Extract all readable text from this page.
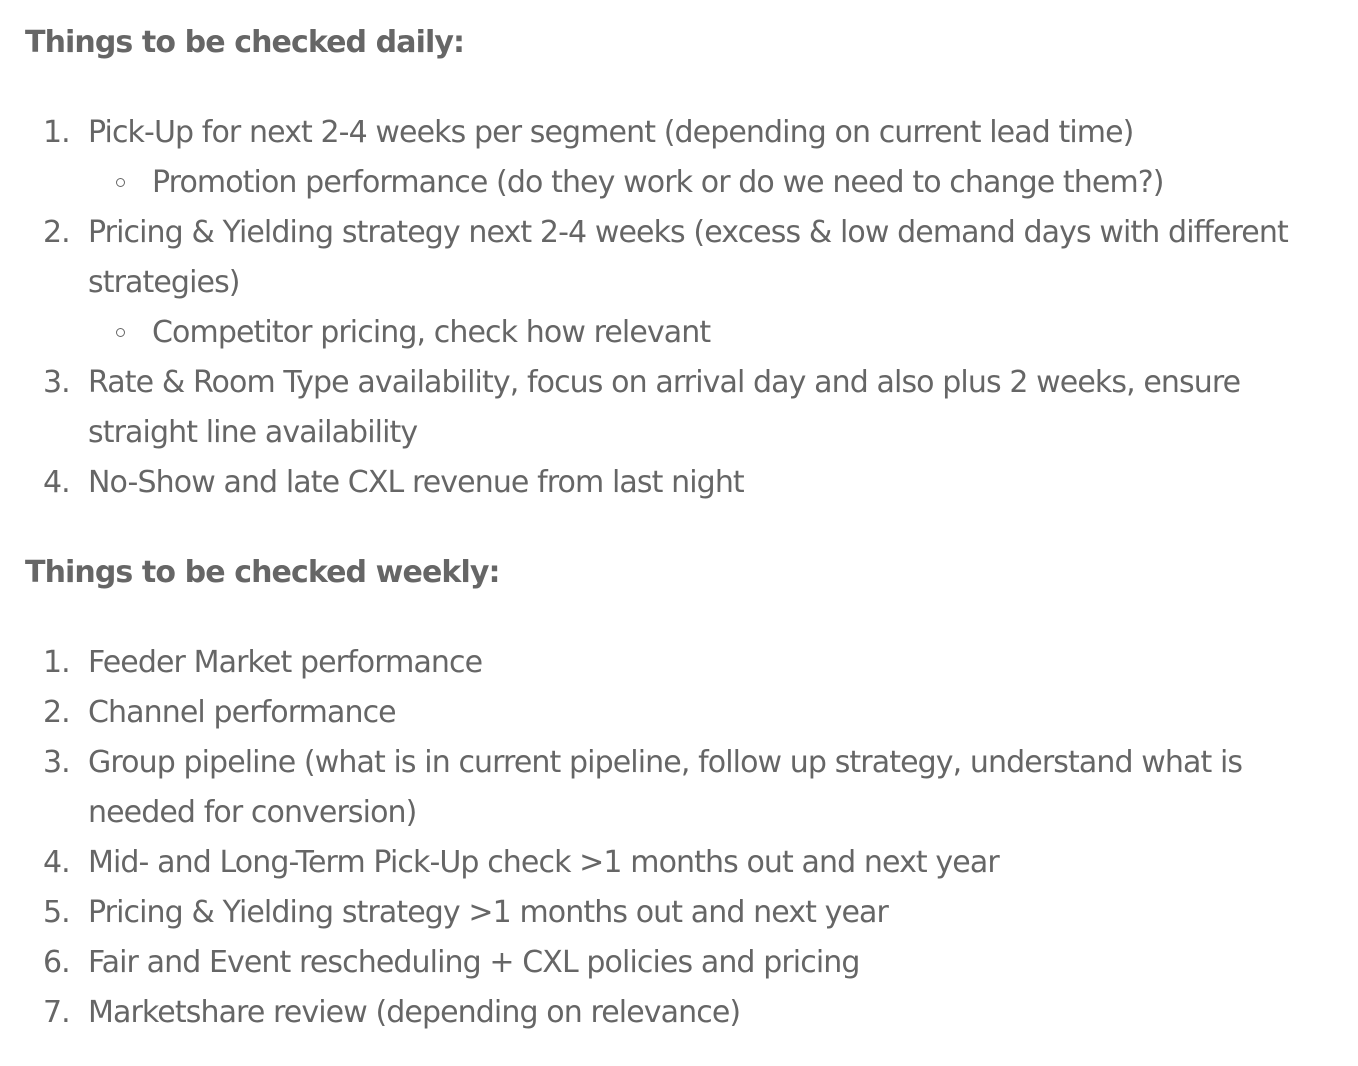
Things to be checked daily:
1. Pick-Up for next 2-4 weeks per segment (depending on current lead time)
Promotion performance (do they work or do we need to change them?)
2. Pricing & Yielding strategy next 2-4 weeks (excess & low demand days with different strategies)
Competitor pricing, check how relevant
3. Rate & Room Type availability, focus on arrival day and also plus 2 weeks, ensure straight line availability
4. No-Show and late CXL revenue from last night
Things to be checked weekly:
1. Feeder Market performance
2. Channel performance
3. Group pipeline (what is in current pipeline, follow up strategy, understand what is needed for conversion)
4. Mid- and Long-Term Pick-Up check >1 months out and next year
5. Pricing & Yielding strategy >1 months out and next year
6. Fair and Event rescheduling + CXL policies and pricing
7. Marketshare review (depending on relevance)
